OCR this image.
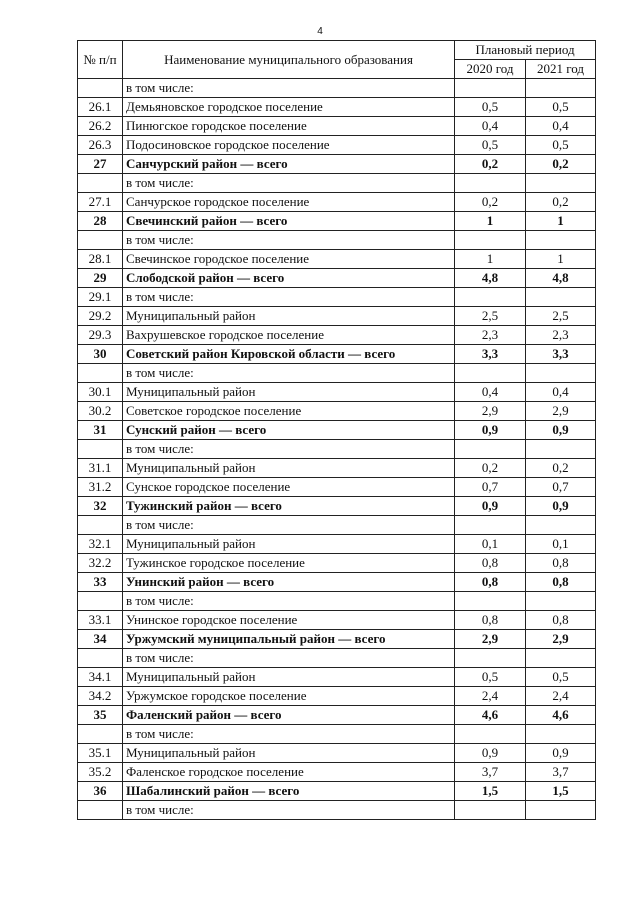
4
№ п/п	Наименование муниципального образования	Плановый период	
		2020 год	2021 год
	в том числе:		
26.1	Демьяновское городское поселение	0,5	0,5
26.2	Пинюгское городское поселение	0,4	0,4
26.3	Подосиновское городское поселение	0,5	0,5
27	Санчурский район — всего	0,2	0,2
	в том числе:		
27.1	Санчурское городское поселение	0,2	0,2
28	Свечинский район — всего	1	1
	в том числе:		
28.1	Свечинское городское поселение	1	1
29	Слободской район — всего	4,8	4,8
29.1	в том числе:		
29.2	Муниципальный район	2,5	2,5
29.3	Вахрушевское городское поселение	2,3	2,3
30	Советский район Кировской области — всего	3,3	3,3
	в том числе:		
30.1	Муниципальный район	0,4	0,4
30.2	Советское городское поселение	2,9	2,9
31	Сунский район — всего	0,9	0,9
	в том числе:		
31.1	Муниципальный район	0,2	0,2
31.2	Сунское городское поселение	0,7	0,7
32	Тужинский район — всего	0,9	0,9
	в том числе:		
32.1	Муниципальный район	0,1	0,1
32.2	Тужинское городское поселение	0,8	0,8
33	Унинский район — всего	0,8	0,8
	в том числе:		
33.1	Унинское городское поселение	0,8	0,8
34	Уржумский муниципальный район — всего	2,9	2,9
	в том числе:		
34.1	Муниципальный район	0,5	0,5
34.2	Уржумское городское поселение	2,4	2,4
35	Фаленский район — всего	4,6	4,6
	в том числе:		
35.1	Муниципальный район	0,9	0,9
35.2	Фаленское городское поселение	3,7	3,7
36	Шабалинский район — всего	1,5	1,5
	в том числе:		
